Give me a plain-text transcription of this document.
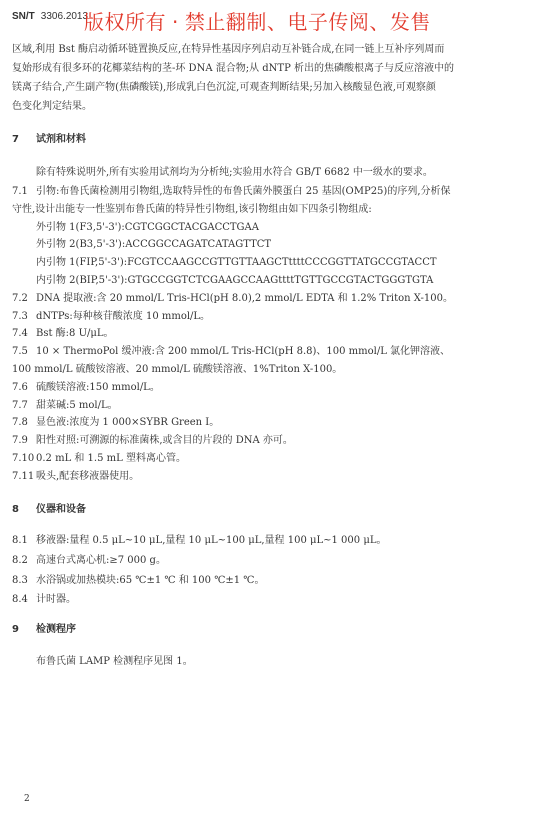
SN/T 3306.2013
版权所有 · 禁止翻制、电子传阅、发售
区域,利用 Bst 酶启动循环链置换反应,在特异性基因序列启动互补链合成,在同一链上互补序列周而
复始形成有很多环的花椰菜结构的茎-环 DNA 混合物;从 dNTP 析出的焦磷酸根离子与反应溶液中的
镁离子结合,产生副产物(焦磷酸镁),形成乳白色沉淀,可观查判断结果;另加入核酸显色液,可观察颜
色变化判定结果。
7 试剂和材料
除有特殊说明外,所有实验用试剂均为分析纯;实验用水符合 GB/T 6682 中一级水的要求。
7.1 引物:布鲁氏菌检测用引物组,选取特异性的布鲁氏菌外膜蛋白 25 基因(OMP25)的序列,分析保
守性,设计出能专一性鉴别布鲁氏菌的特异性引物组,该引物组由如下四条引物组成:
外引物 1(F3,5'-3'):CGTCGGCTACGACCTGAA
外引物 2(B3,5'-3'):ACCGGCCAGATCATAGTTCT
内引物 1(FIP,5'-3'):FCGTCCAAGCCGTTGTTAAGCTttttCCCGGTTATGCCGTACCT
内引物 2(BIP,5'-3'):GTGCCGGTCTCGAAGCCAAGttttTGTTGCCGTACTGGGTGTA
7.2 DNA 提取液:含 20 mmol/L Tris-HCl(pH 8.0),2 mmol/L EDTA 和 1.2% Triton X-100。
7.3 dNTPs:每种核苷酸浓度 10 mmol/L。
7.4 Bst 酶:8 U/μL。
7.5 10 × ThermoPol 缓冲液:含 200 mmol/L Tris-HCl(pH 8.8)、100 mmol/L 氯化钾溶液、
100 mmol/L 硫酸铵溶液、20 mmol/L 硫酸镁溶液、1%Triton X-100。
7.6 硫酸镁溶液:150 mmol/L。
7.7 甜菜碱:5 mol/L。
7.8 显色液:浓度为 1 000×SYBR Green Ⅰ。
7.9 阳性对照:可溯源的标准菌株,或含目的片段的 DNA 亦可。
7.10 0.2 mL 和 1.5 mL 塑料离心管。
7.11 吸头,配套移液器使用。
8 仪器和设备
8.1 移液器:量程 0.5 μL~10 μL,量程 10 μL~100 μL,量程 100 μL~1 000 μL。
8.2 高速台式离心机:≥7 000 g。
8.3 水浴锅或加热模块:65 ℃±1 ℃ 和 100 ℃±1 ℃。
8.4 计时器。
9 检测程序
布鲁氏菌 LAMP 检测程序见图 1。
2
